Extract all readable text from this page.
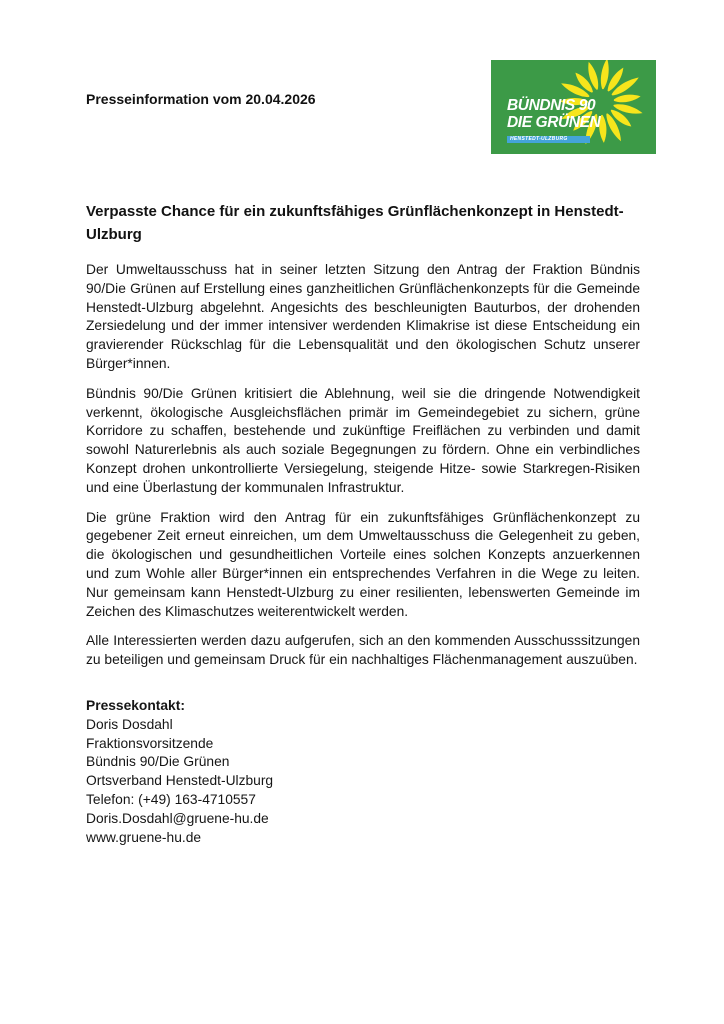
Presseinformation vom 20.04.2026	BÜNDNIS 90
DIE GRÜNEN
HENSTEDT-ULZBURG
Verpasste Chance für ein zukunftsfähiges Grünflächenkonzept in Henstedt-
Ulzburg
Der Umweltausschuss hat in seiner letzten Sitzung den Antrag der Fraktion Bündnis 90/Die Grünen auf Erstellung eines ganzheitlichen Grünflächenkonzepts für die Gemeinde Henstedt-Ulzburg abgelehnt. Angesichts des beschleunigten Bauturbos, der drohenden Zersiedelung und der immer intensiver werdenden Klimakrise ist diese Entscheidung ein gravierender Rückschlag für die Lebensqualität und den ökologischen Schutz unserer Bürger*innen.
Bündnis 90/Die Grünen kritisiert die Ablehnung, weil sie die dringende Notwendigkeit verkennt, ökologische Ausgleichsflächen primär im Gemeindegebiet zu sichern, grüne Korridore zu schaffen, bestehende und zukünftige Freiflächen zu verbinden und damit sowohl Naturerlebnis als auch soziale Begegnungen zu fördern. Ohne ein verbindliches Konzept drohen unkontrollierte Versiegelung, steigende Hitze- sowie Starkregen-Risiken und eine Überlastung der kommunalen Infrastruktur.
Die grüne Fraktion wird den Antrag für ein zukunftsfähiges Grünflächenkonzept zu gegebener Zeit erneut einreichen, um dem Umweltausschuss die Gelegenheit zu geben, die ökologischen und gesundheitlichen Vorteile eines solchen Konzepts anzuerkennen und zum Wohle aller Bürger*innen ein entsprechendes Verfahren in die Wege zu leiten.
Nur gemeinsam kann Henstedt-Ulzburg zu einer resilienten, lebenswerten Gemeinde im Zeichen des Klimaschutzes weiterentwickelt werden.
Alle Interessierten werden dazu aufgerufen, sich an den kommenden Ausschusssitzungen zu beteiligen und gemeinsam Druck für ein nachhaltiges Flächenmanagement auszuüben.
Pressekontakt:
Doris Dosdahl
Fraktionsvorsitzende
Bündnis 90/Die Grünen
Ortsverband Henstedt-Ulzburg
Telefon: (+49) 163-4710557
Doris.Dosdahl@gruene-hu.de
www.gruene-hu.de
